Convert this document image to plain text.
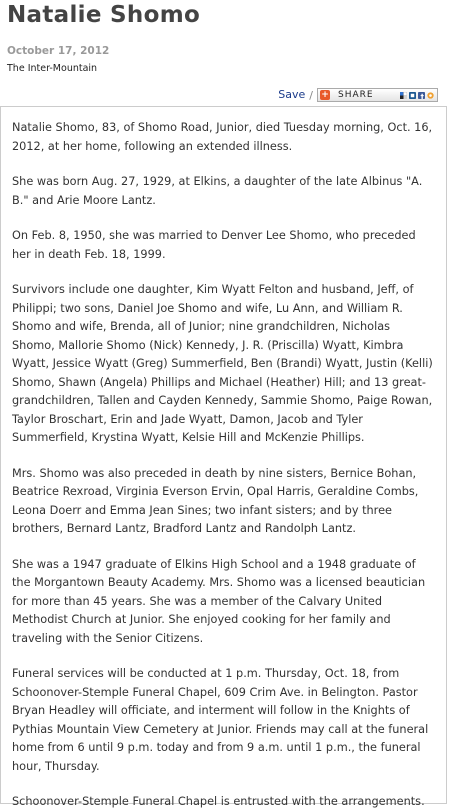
Natalie Shomo
October 17, 2012
The Inter-Mountain
Save / + SHARE

Natalie Shomo, 83, of Shomo Road, Junior, died Tuesday morning, Oct. 16, 2012, at her home, following an extended illness.

She was born Aug. 27, 1929, at Elkins, a daughter of the late Albinus "A. B." and Arie Moore Lantz.

On Feb. 8, 1950, she was married to Denver Lee Shomo, who preceded her in death Feb. 18, 1999.

Survivors include one daughter, Kim Wyatt Felton and husband, Jeff, of Philippi; two sons, Daniel Joe Shomo and wife, Lu Ann, and William R. Shomo and wife, Brenda, all of Junior; nine grandchildren, Nicholas Shomo, Mallorie Shomo (Nick) Kennedy, J. R. (Priscilla) Wyatt, Kimbra Wyatt, Jessice Wyatt (Greg) Summerfield, Ben (Brandi) Wyatt, Justin (Kelli) Shomo, Shawn (Angela) Phillips and Michael (Heather) Hill; and 13 great-grandchildren, Tallen and Cayden Kennedy, Sammie Shomo, Paige Rowan, Taylor Broschart, Erin and Jade Wyatt, Damon, Jacob and Tyler Summerfield, Krystina Wyatt, Kelsie Hill and McKenzie Phillips.

Mrs. Shomo was also preceded in death by nine sisters, Bernice Bohan, Beatrice Rexroad, Virginia Everson Ervin, Opal Harris, Geraldine Combs, Leona Doerr and Emma Jean Sines; two infant sisters; and by three brothers, Bernard Lantz, Bradford Lantz and Randolph Lantz.

She was a 1947 graduate of Elkins High School and a 1948 graduate of the Morgantown Beauty Academy. Mrs. Shomo was a licensed beautician for more than 45 years. She was a member of the Calvary United Methodist Church at Junior. She enjoyed cooking for her family and traveling with the Senior Citizens.

Funeral services will be conducted at 1 p.m. Thursday, Oct. 18, from Schoonover-Stemple Funeral Chapel, 609 Crim Ave. in Belington. Pastor Bryan Headley will officiate, and interment will follow in the Knights of Pythias Mountain View Cemetery at Junior. Friends may call at the funeral home from 6 until 9 p.m. today and from 9 a.m. until 1 p.m., the funeral hour, Thursday.

Schoonover-Stemple Funeral Chapel is entrusted with the arrangements.
